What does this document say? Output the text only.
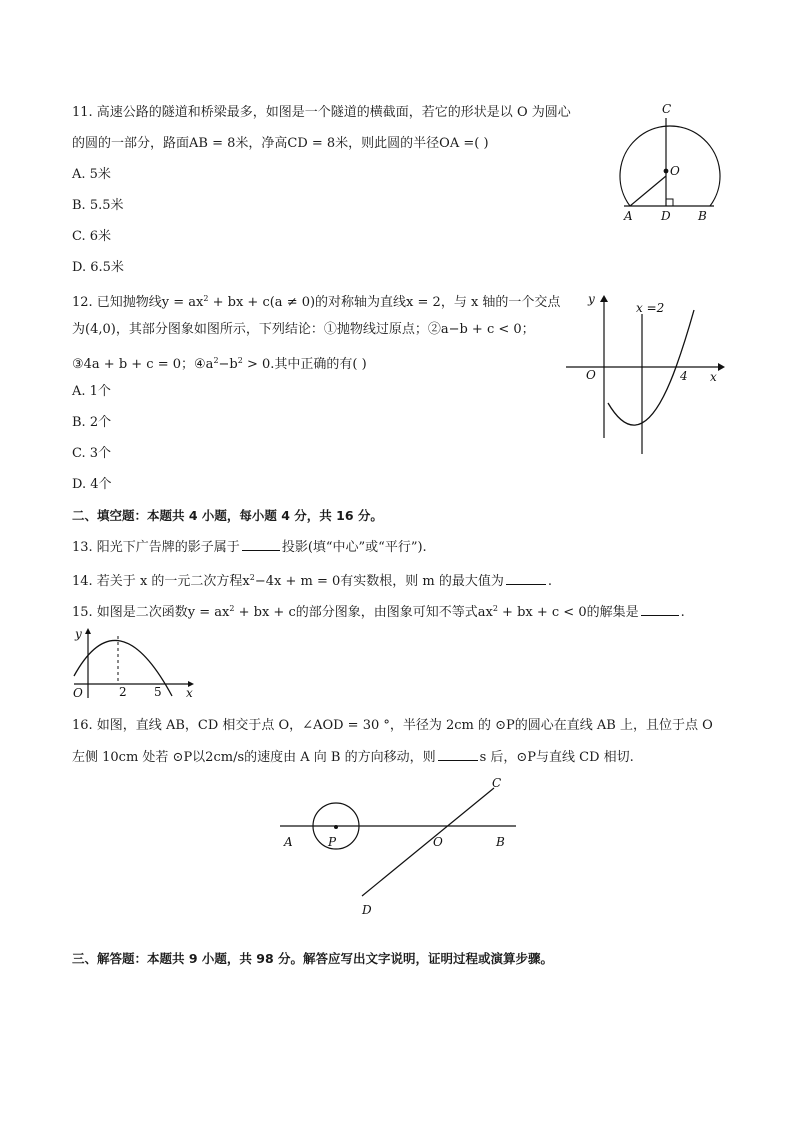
11. 高速公路的隧道和桥梁最多，如图是一个隧道的横截面，若它的形状是以 O 为圆心
的圆的一部分，路面AB = 8米，净高CD = 8米，则此圆的半径OA =( )
A. 5米
B. 5.5米
C. 6米
D. 6.5米
C
O
A D B
12. 已知抛物线$y = ax^2$ + bx + c(a ≠ 0)的对称轴为直线x = 2，与 x 轴的一个交点
为(4,0)，其部分图象如图所示，下列结论：①抛物线过原点；②a−b + c < 0；
③4a + b + c = 0；$④a^2-b^2 > 0$.其中正确的有( )
A. 1个
B. 2个
C. 3个
D. 4个
y
x
x =2
O	4
二、填空题：本题共 4 小题，每小题 4 分，共 16 分。
13. 阳光下广告牌的影子属于	投影(填“中心”或“平行”).
14. 若关于 x 的一元二次方程$x^2-4x + m = 0$有实数根，则 m 的最大值为	.
15. 如图是二次函数$y = ax^2$ + bx + c的部分图象，由图象可知不等式$ax^2$ + bx + c < 0的解集是	.
y
x
O	2 5
16. 如图，直线 AB，CD 相交于点 O，∠AOD = 30 °，半径为 2cm 的 ⊙P的圆心在直线 AB 上，且位于点 O
左侧 10cm 处若 ⊙P以2cm/s的速度由 A 向 B 的方向移动，则	s 后，⊙P与直线 CD 相切.
A	P	O	B
C
D
三、解答题：本题共 9 小题，共 98 分。解答应写出文字说明，证明过程或演算步骤。
